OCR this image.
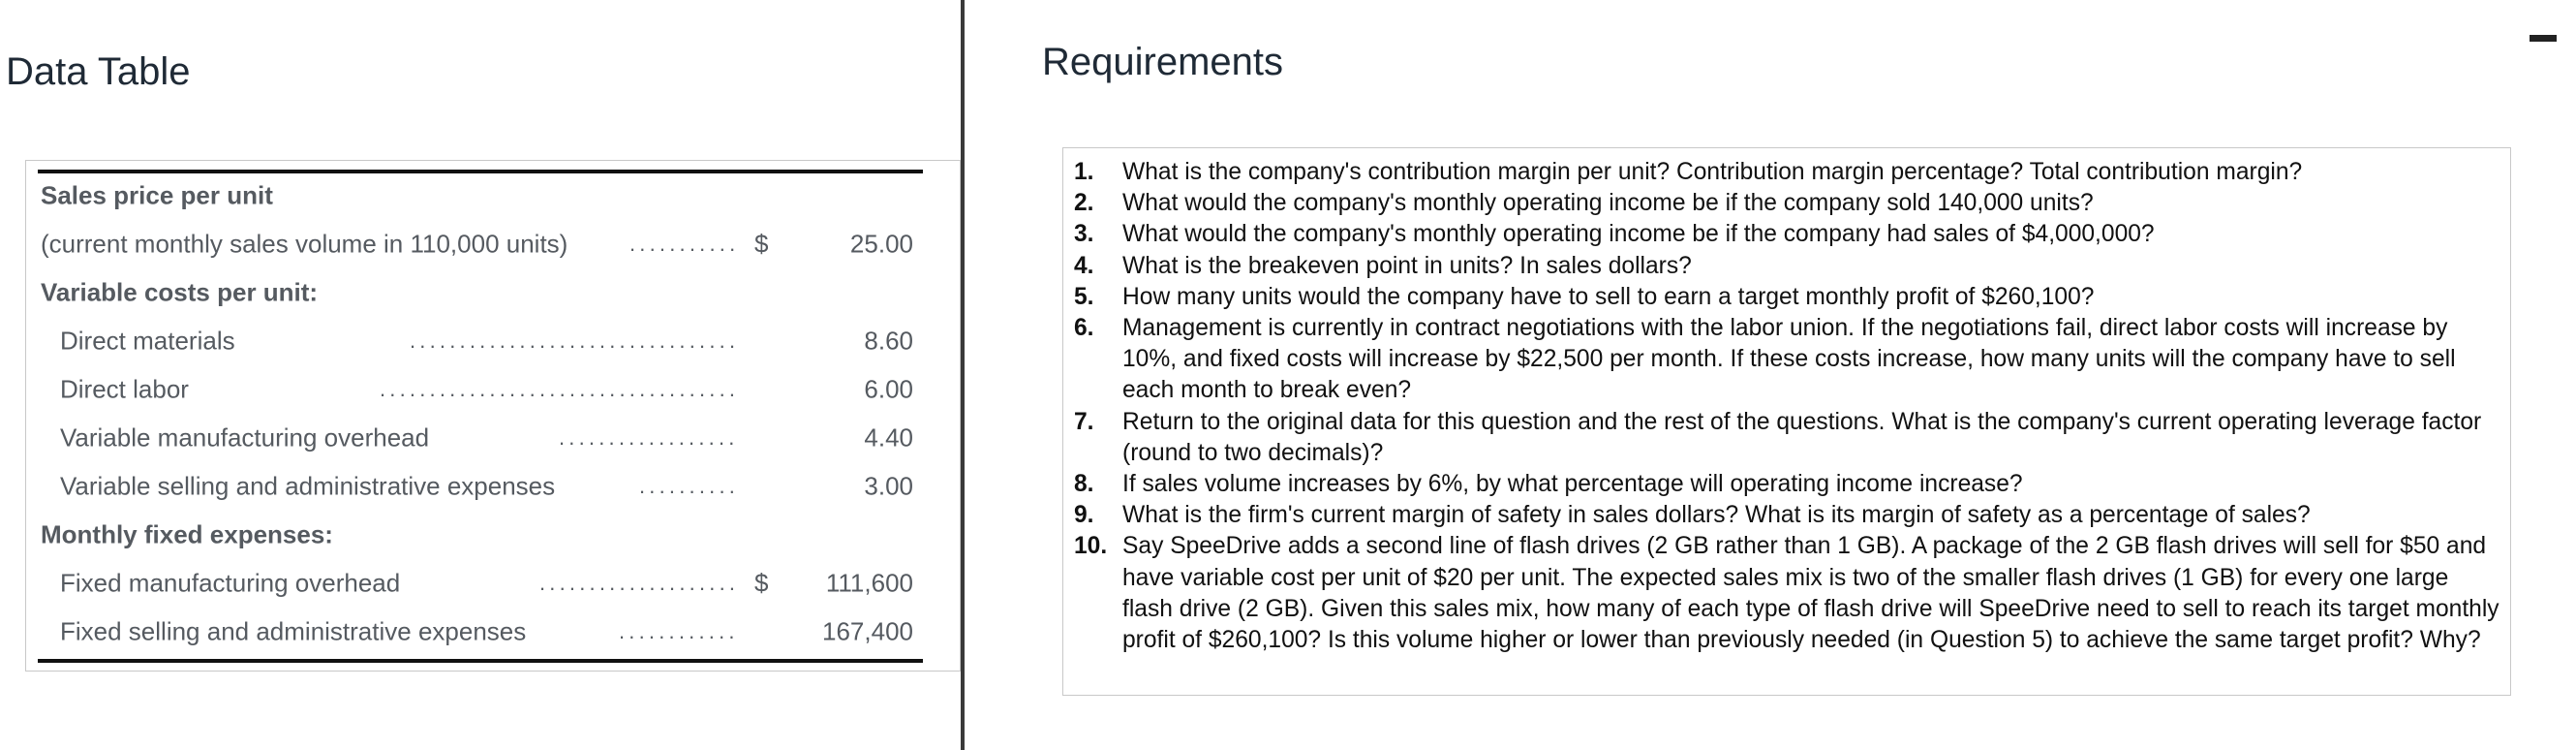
Data Table
Sales price per unit
(current monthly sales volume in 110,000 units)	........... $	25.00
Variable costs per unit:
Direct materials	.................................	8.60
Direct labor	....................................	6.00
Variable manufacturing overhead	..................	4.40
Variable selling and administrative expenses	..........	3.00
Monthly fixed expenses:
Fixed manufacturing overhead	.................... $ 111,600
Fixed selling and administrative expenses	............	167,400
Requirements
1. What is the company's contribution margin per unit? Contribution margin percentage? Total contribution margin?
2. What would the company's monthly operating income be if the company sold 140,000 units?
3. What would the company's monthly operating income be if the company had sales of $4,000,000?
4. What is the breakeven point in units? In sales dollars?
5. How many units would the company have to sell to earn a target monthly profit of $260,100?
6. Management is currently in contract negotiations with the labor union. If the negotiations fail, direct labor costs will increase by 10%, and fixed costs will increase by $22,500 per month. If these costs increase, how many units will the company have to sell each month to break even?
7. Return to the original data for this question and the rest of the questions. What is the company's current operating leverage factor (round to two decimals)?
8. If sales volume increases by 6%, by what percentage will operating income increase?
9. What is the firm's current margin of safety in sales dollars? What is its margin of safety as a percentage of sales?
10. Say SpeeDrive adds a second line of flash drives (2 GB rather than 1 GB). A package of the 2 GB flash drives will sell for $50 and have variable cost per unit of $20 per unit. The expected sales mix is two of the smaller flash drives (1 GB) for every one large flash drive (2 GB). Given this sales mix, how many of each type of flash drive will SpeeDrive need to sell to reach its target monthly profit of $260,100? Is this volume higher or lower than previously needed (in Question 5) to achieve the same target profit? Why?
